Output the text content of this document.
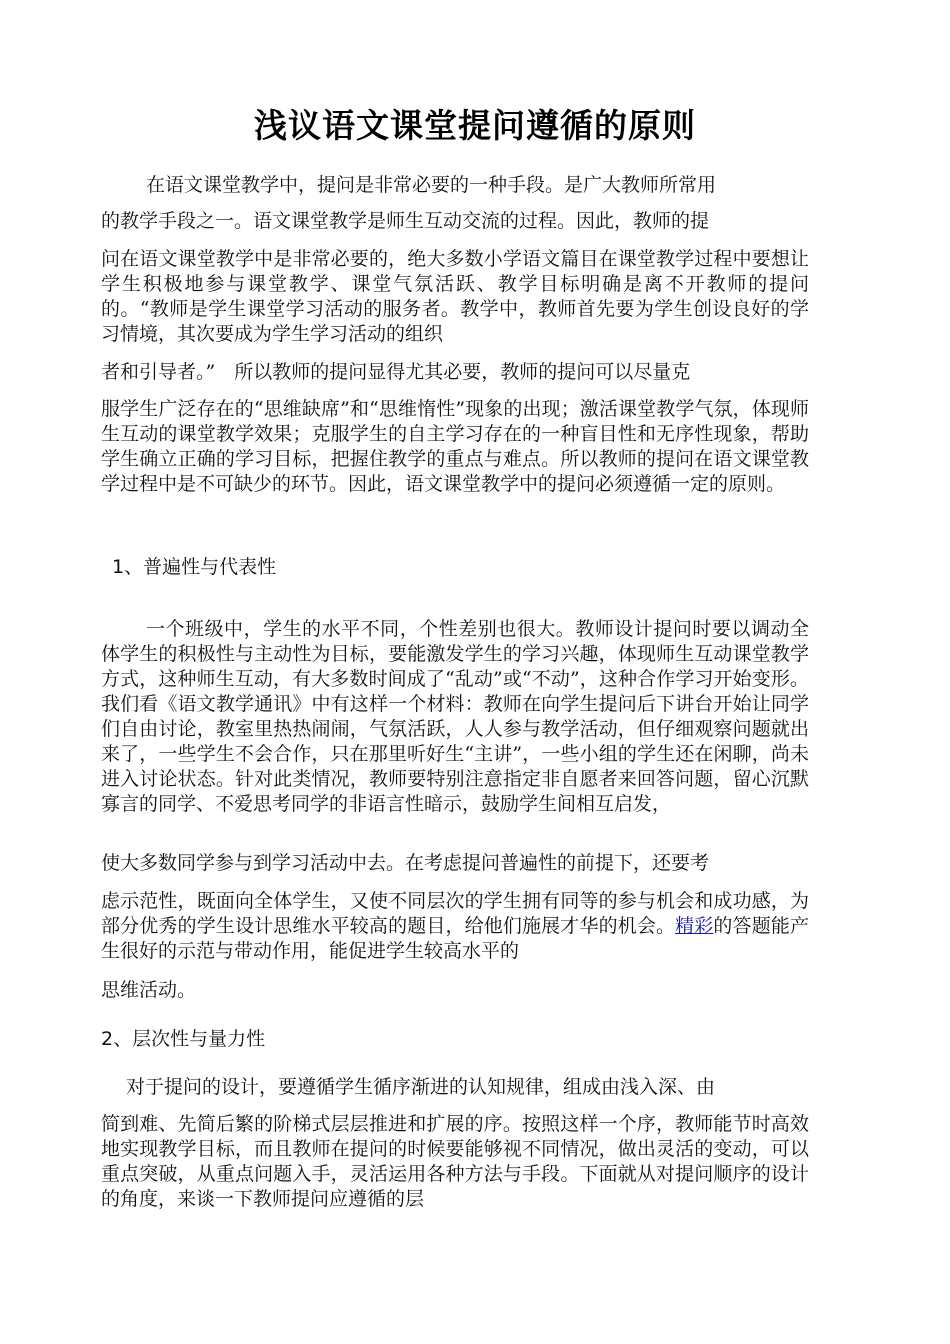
浅议语文课堂提问遵循的原则

在语文课堂教学中，提问是非常必要的一种手段。是广大教师所常用

的教学手段之一。语文课堂教学是师生互动交流的过程。因此，教师的提

问在语文课堂教学中是非常必要的，绝大多数小学语文篇目在课堂教学过程中要想让学生积极地参与课堂教学、课堂气氛活跃、教学目标明确是离不开教师的提问的。“教师是学生课堂学习活动的服务者。教学中，教师首先要为学生创设良好的学习情境，其次要成为学生学习活动的组织

者和引导者。”　所以教师的提问显得尤其必要，教师的提问可以尽量克

服学生广泛存在的“思维缺席”和“思维惰性”现象的出现；激活课堂教学气氛，体现师生互动的课堂教学效果；克服学生的自主学习存在的一种盲目性和无序性现象，帮助学生确立正确的学习目标，把握住教学的重点与难点。所以教师的提问在语文课堂教学过程中是不可缺少的环节。因此，语文课堂教学中的提问必须遵循一定的原则。

1、普遍性与代表性

一个班级中，学生的水平不同，个性差别也很大。教师设计提问时要以调动全体学生的积极性与主动性为目标，要能激发学生的学习兴趣，体现师生互动课堂教学方式，这种师生互动，有大多数时间成了“乱动”或“不动”，这种合作学习开始变形。我们看《语文教学通讯》中有这样一个材料：教师在向学生提问后下讲台开始让同学们自由讨论，教室里热热闹闹，气氛活跃，人人参与教学活动，但仔细观察问题就出来了，一些学生不会合作，只在那里听好生“主讲”，一些小组的学生还在闲聊，尚未进入讨论状态。针对此类情况，教师要特别注意指定非自愿者来回答问题，留心沉默寡言的同学、不爱思考同学的非语言性暗示，鼓励学生间相互启发，

使大多数同学参与到学习活动中去。在考虑提问普遍性的前提下，还要考

虑示范性，既面向全体学生，又使不同层次的学生拥有同等的参与机会和成功感，为部分优秀的学生设计思维水平较高的题目，给他们施展才华的机会。精彩的答题能产生很好的示范与带动作用，能促进学生较高水平的

思维活动。

2、层次性与量力性

对于提问的设计，要遵循学生循序渐进的认知规律，组成由浅入深、由

简到难、先简后繁的阶梯式层层推进和扩展的序。按照这样一个序，教师能节时高效地实现教学目标，而且教师在提问的时候要能够视不同情况，做出灵活的变动，可以重点突破，从重点问题入手，灵活运用各种方法与手段。下面就从对提问顺序的设计的角度，来谈一下教师提问应遵循的层
